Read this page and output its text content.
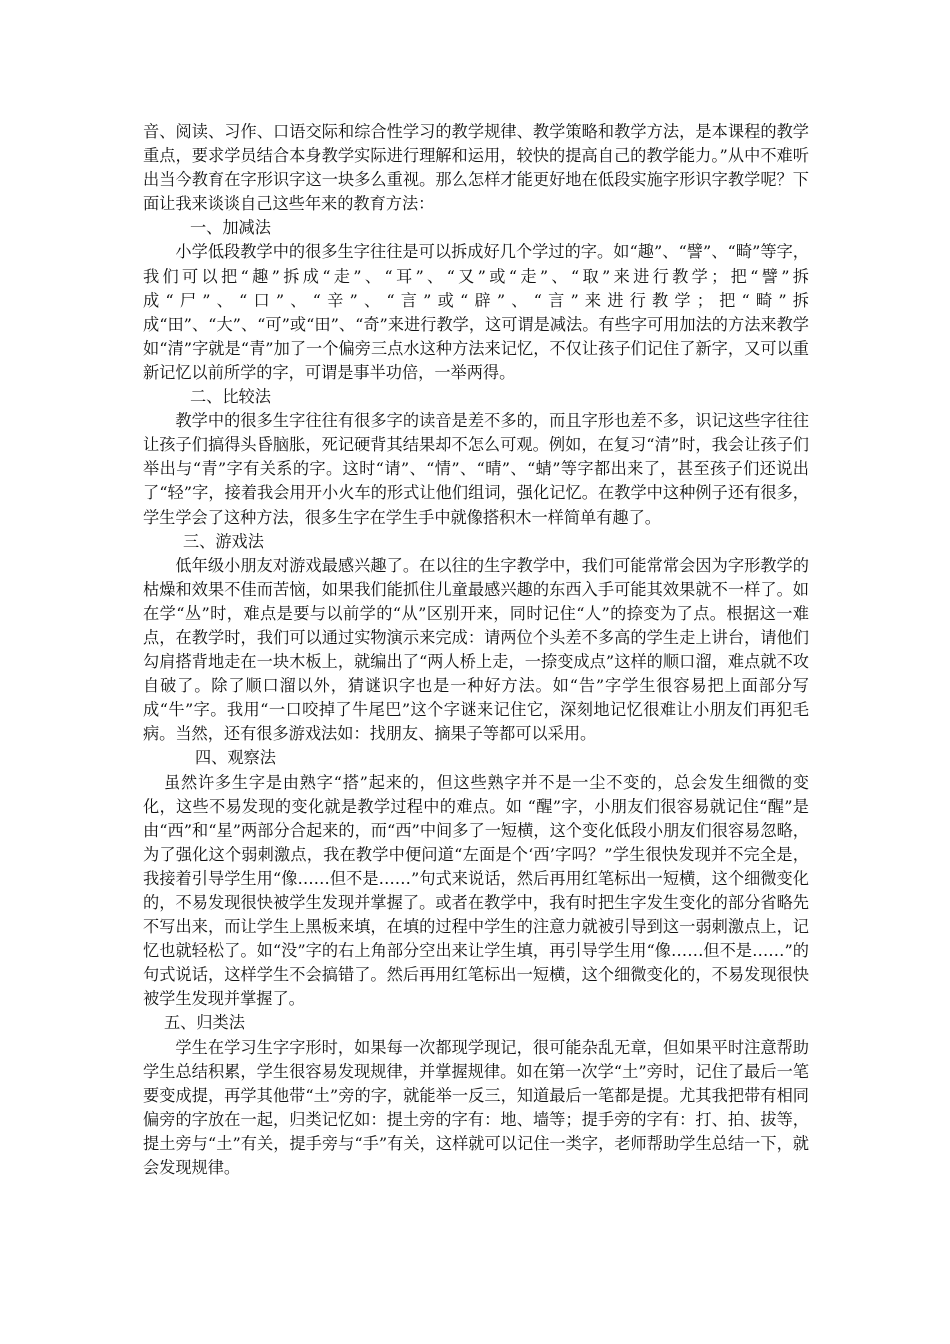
音、阅读、习作、口语交际和综合性学习的教学规律、教学策略和教学方法，是本课程的教学重点，要求学员结合本身教学实际进行理解和运用，较快的提高自己的教学能力。”从中不难听出当今教育在字形识字这一块多么重视。那么怎样才能更好地在低段实施字形识字教学呢？下面让我来谈谈自己这些年来的教育方法：

一、加减法

小学低段教学中的很多生字往往是可以拆成好几个学过的字。如“趣”、“譬”、“畸”等字，我们可以把“趣”拆成“走”、“耳”、“又”或“走”、“取”来进行教学；把“譬”拆成“尸”、“口”、“辛”、“言”或“辟”、“言”来进行教学；把“畸”拆成“田”、“大”、“可”或“田”、“奇”来进行教学，这可谓是减法。有些字可用加法的方法来教学如“清”字就是“青”加了一个偏旁三点水这种方法来记忆，不仅让孩子们记住了新字，又可以重新记忆以前所学的字，可谓是事半功倍，一举两得。

二、比较法

教学中的很多生字往往有很多字的读音是差不多的，而且字形也差不多，识记这些字往往让孩子们搞得头昏脑胀，死记硬背其结果却不怎么可观。例如，在复习“清”时，我会让孩子们举出与“青”字有关系的字。这时“请”、“情”、“晴”、“蜻”等字都出来了，甚至孩子们还说出了“轻”字，接着我会用开小火车的形式让他们组词，强化记忆。在教学中这种例子还有很多，学生学会了这种方法，很多生字在学生手中就像搭积木一样简单有趣了。

三、游戏法

低年级小朋友对游戏最感兴趣了。在以往的生字教学中，我们可能常常会因为字形教学的枯燥和效果不佳而苦恼，如果我们能抓住儿童最感兴趣的东西入手可能其效果就不一样了。如在学“丛”时，难点是要与以前学的“从”区别开来，同时记住“人”的捺变为了点。根据这一难点，在教学时，我们可以通过实物演示来完成：请两位个头差不多高的学生走上讲台，请他们勾肩搭背地走在一块木板上，就编出了“两人桥上走，一捺变成点”这样的顺口溜，难点就不攻自破了。除了顺口溜以外，猜谜识字也是一种好方法。如“告”字学生很容易把上面部分写成“牛”字。我用“一口咬掉了牛尾巴”这个字谜来记住它，深刻地记忆很难让小朋友们再犯毛病。当然，还有很多游戏法如：找朋友、摘果子等都可以采用。

四、观察法

虽然许多生字是由熟字“搭”起来的，但这些熟字并不是一尘不变的，总会发生细微的变化，这些不易发现的变化就是教学过程中的难点。如 “醒”字，小朋友们很容易就记住“醒”是由“西”和“星”两部分合起来的，而“西”中间多了一短横，这个变化低段小朋友们很容易忽略，为了强化这个弱刺激点，我在教学中便问道“左面是个‘西’字吗？”学生很快发现并不完全是，我接着引导学生用“像……但不是……”句式来说话，然后再用红笔标出一短横，这个细微变化的，不易发现很快被学生发现并掌握了。或者在教学中，我有时把生字发生变化的部分省略先不写出来，而让学生上黑板来填，在填的过程中学生的注意力就被引导到这一弱刺激点上，记忆也就轻松了。如“没”字的右上角部分空出来让学生填，再引导学生用“像……但不是……”的句式说话，这样学生不会搞错了。然后再用红笔标出一短横，这个细微变化的，不易发现很快被学生发现并掌握了。

五、归类法

学生在学习生字字形时，如果每一次都现学现记，很可能杂乱无章，但如果平时注意帮助学生总结积累，学生很容易发现规律，并掌握规律。如在第一次学“土”旁时，记住了最后一笔要变成提，再学其他带“土”旁的字，就能举一反三，知道最后一笔都是提。尤其我把带有相同偏旁的字放在一起，归类记忆如：提土旁的字有：地、墙等；提手旁的字有：打、拍、拔等，提土旁与“土”有关，提手旁与“手”有关，这样就可以记住一类字，老师帮助学生总结一下，就会发现规律。
